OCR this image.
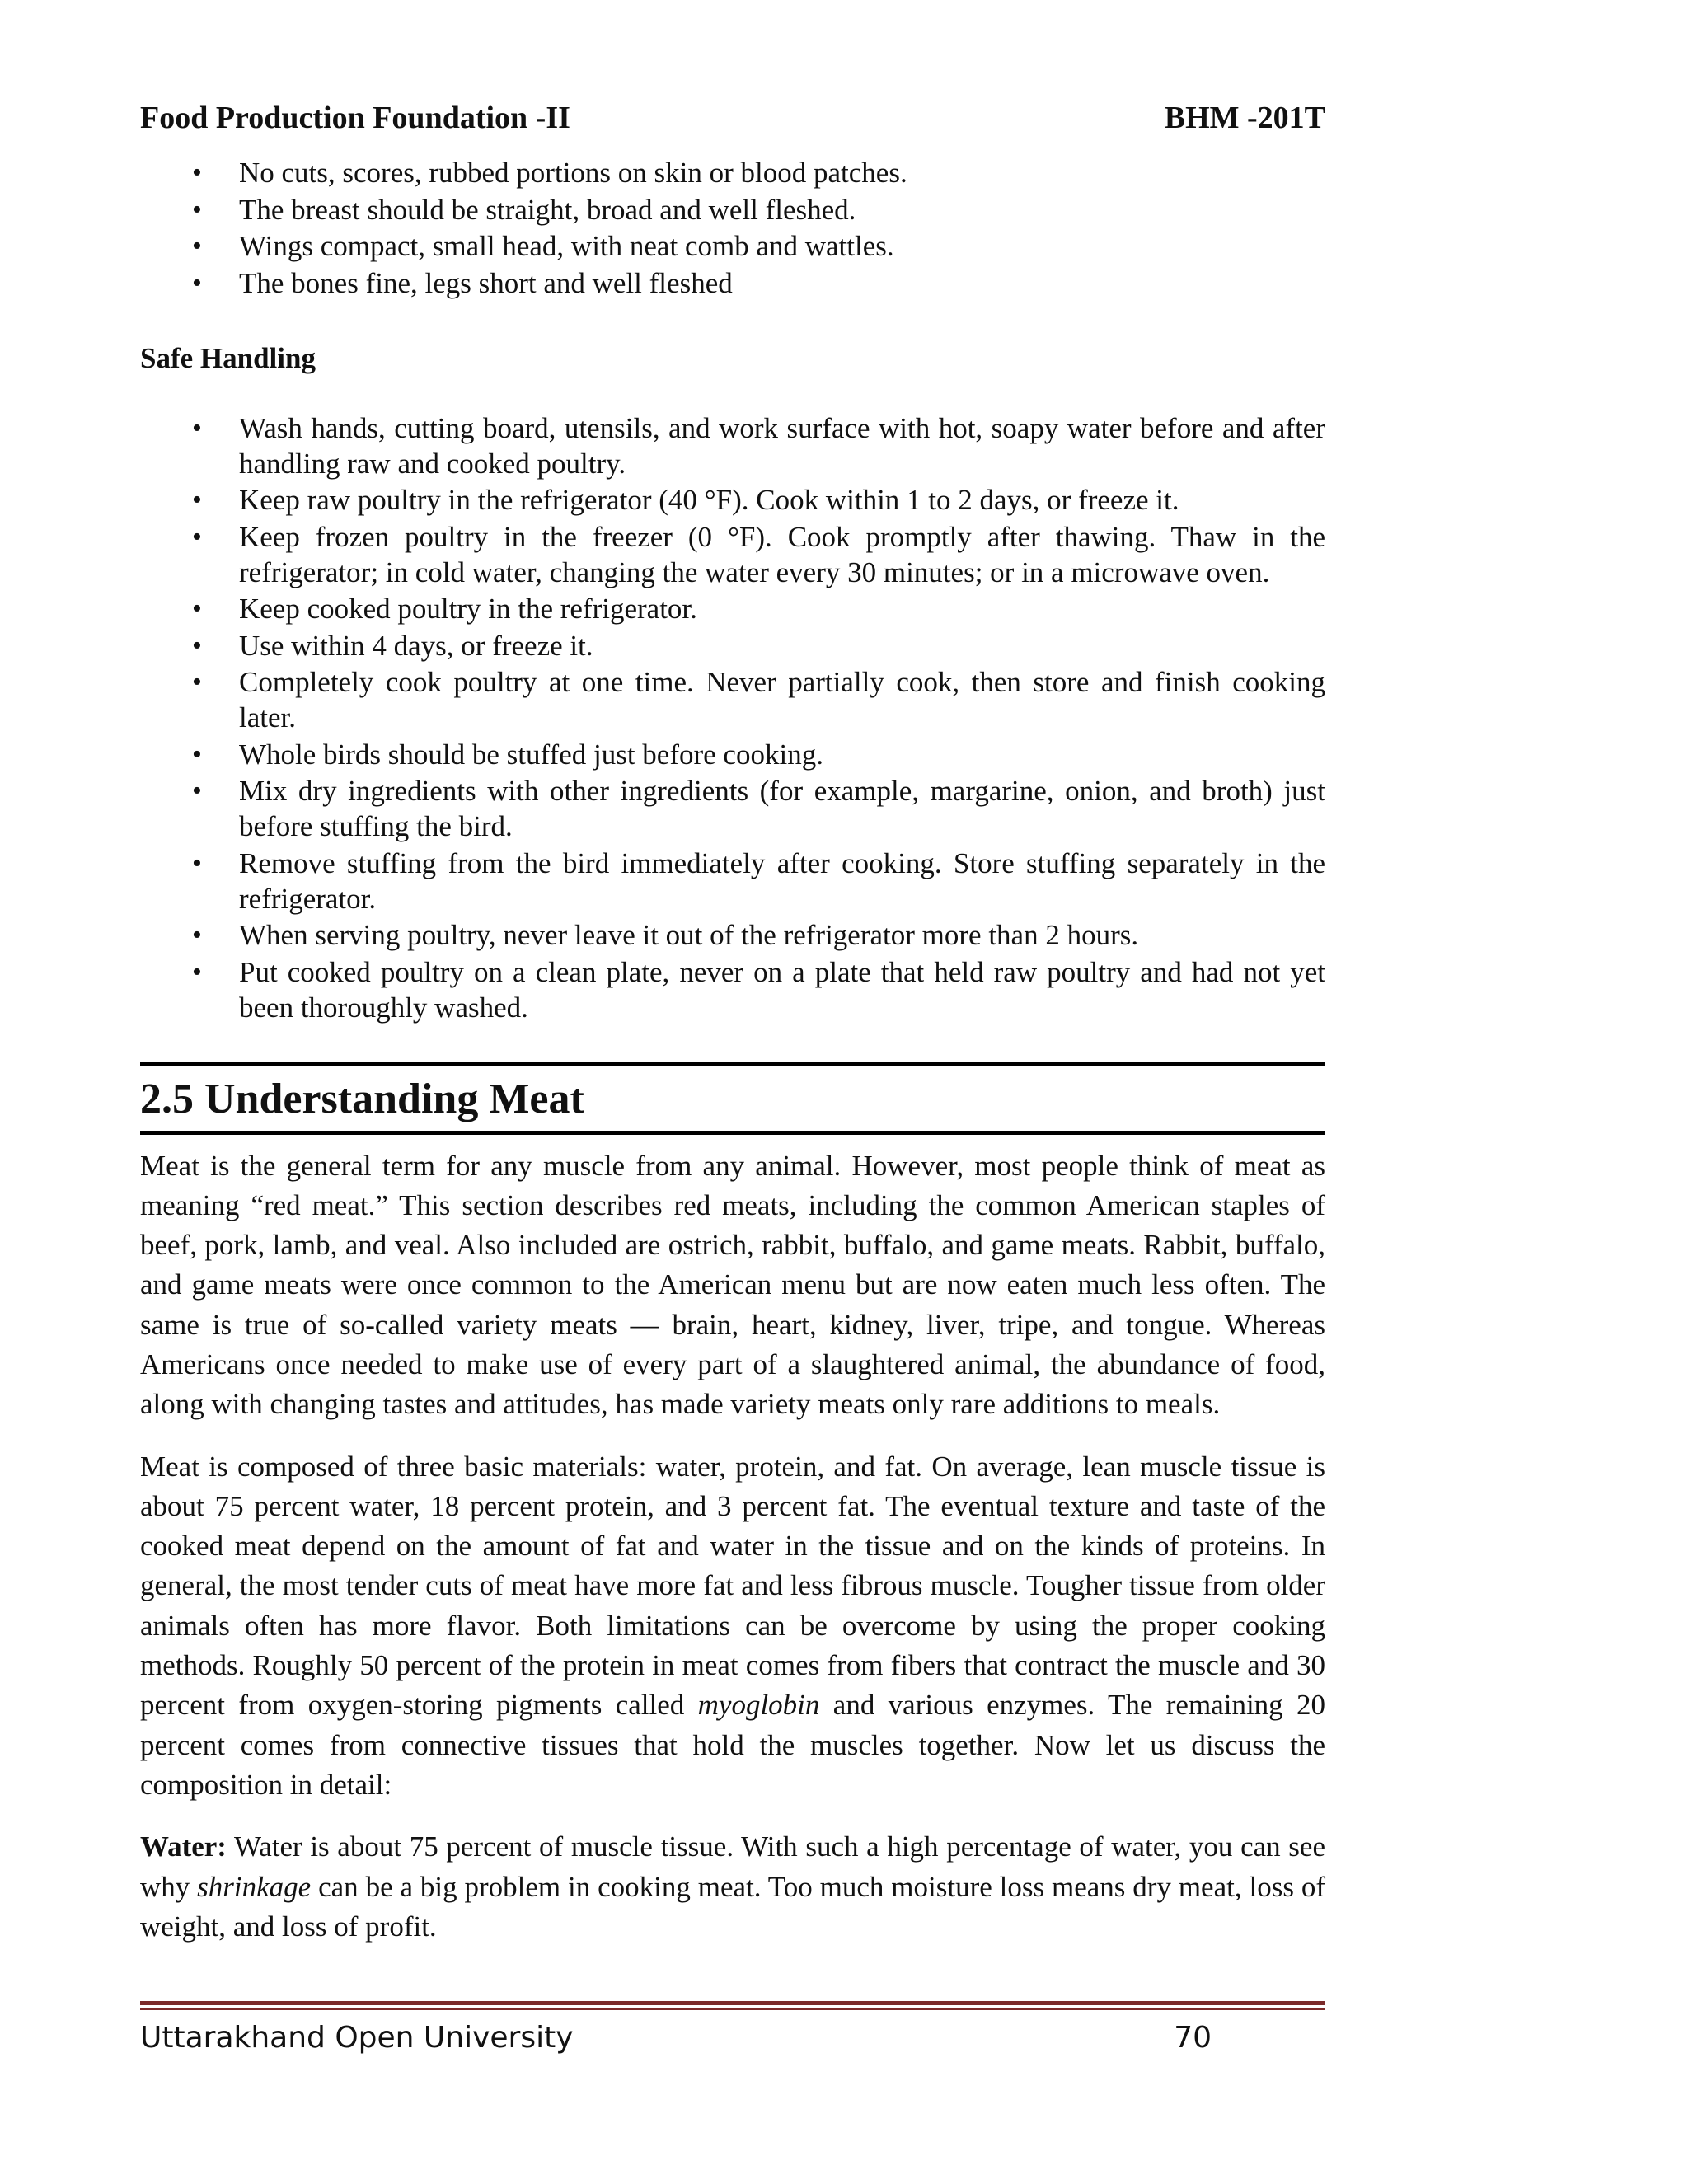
Food Production Foundation -II	BHM -201T
• No cuts, scores, rubbed portions on skin or blood patches.
• The breast should be straight, broad and well fleshed.
• Wings compact, small head, with neat comb and wattles.
• The bones fine, legs short and well fleshed
Safe Handling
• Wash hands, cutting board, utensils, and work surface with hot, soapy water before and after handling raw and cooked poultry.
• Keep raw poultry in the refrigerator (40 °F). Cook within 1 to 2 days, or freeze it.
• Keep frozen poultry in the freezer (0 °F). Cook promptly after thawing. Thaw in the refrigerator; in cold water, changing the water every 30 minutes; or in a microwave oven.
• Keep cooked poultry in the refrigerator.
• Use within 4 days, or freeze it.
• Completely cook poultry at one time. Never partially cook, then store and finish cooking later.
• Whole birds should be stuffed just before cooking.
• Mix dry ingredients with other ingredients (for example, margarine, onion, and broth) just before stuffing the bird.
• Remove stuffing from the bird immediately after cooking. Store stuffing separately in the refrigerator.
• When serving poultry, never leave it out of the refrigerator more than 2 hours.
• Put cooked poultry on a clean plate, never on a plate that held raw poultry and had not yet been thoroughly washed.
2.5 Understanding Meat

Meat is the general term for any muscle from any animal. However, most people think of meat as meaning “red meat.” This section describes red meats, including the common American staples of beef, pork, lamb, and veal. Also included are ostrich, rabbit, buffalo, and game meats. Rabbit, buffalo, and game meats were once common to the American menu but are now eaten much less often. The same is true of so-called variety meats — brain, heart, kidney, liver, tripe, and tongue. Whereas Americans once needed to make use of every part of a slaughtered animal, the abundance of food, along with changing tastes and attitudes, has made variety meats only rare additions to meals.

Meat is composed of three basic materials: water, protein, and fat. On average, lean muscle tissue is about 75 percent water, 18 percent protein, and 3 percent fat. The eventual texture and taste of the cooked meat depend on the amount of fat and water in the tissue and on the kinds of proteins. In general, the most tender cuts of meat have more fat and less fibrous muscle. Tougher tissue from older animals often has more flavor. Both limitations can be overcome by using the proper cooking methods. Roughly 50 percent of the protein in meat comes from fibers that contract the muscle and 30 percent from oxygen-storing pigments called myoglobin and various enzymes. The remaining 20 percent comes from connective tissues that hold the muscles together. Now let us discuss the composition in detail:

Water: Water is about 75 percent of muscle tissue. With such a high percentage of water, you can see why shrinkage can be a big problem in cooking meat. Too much moisture loss means dry meat, loss of weight, and loss of profit.

Uttarakhand Open University	70
